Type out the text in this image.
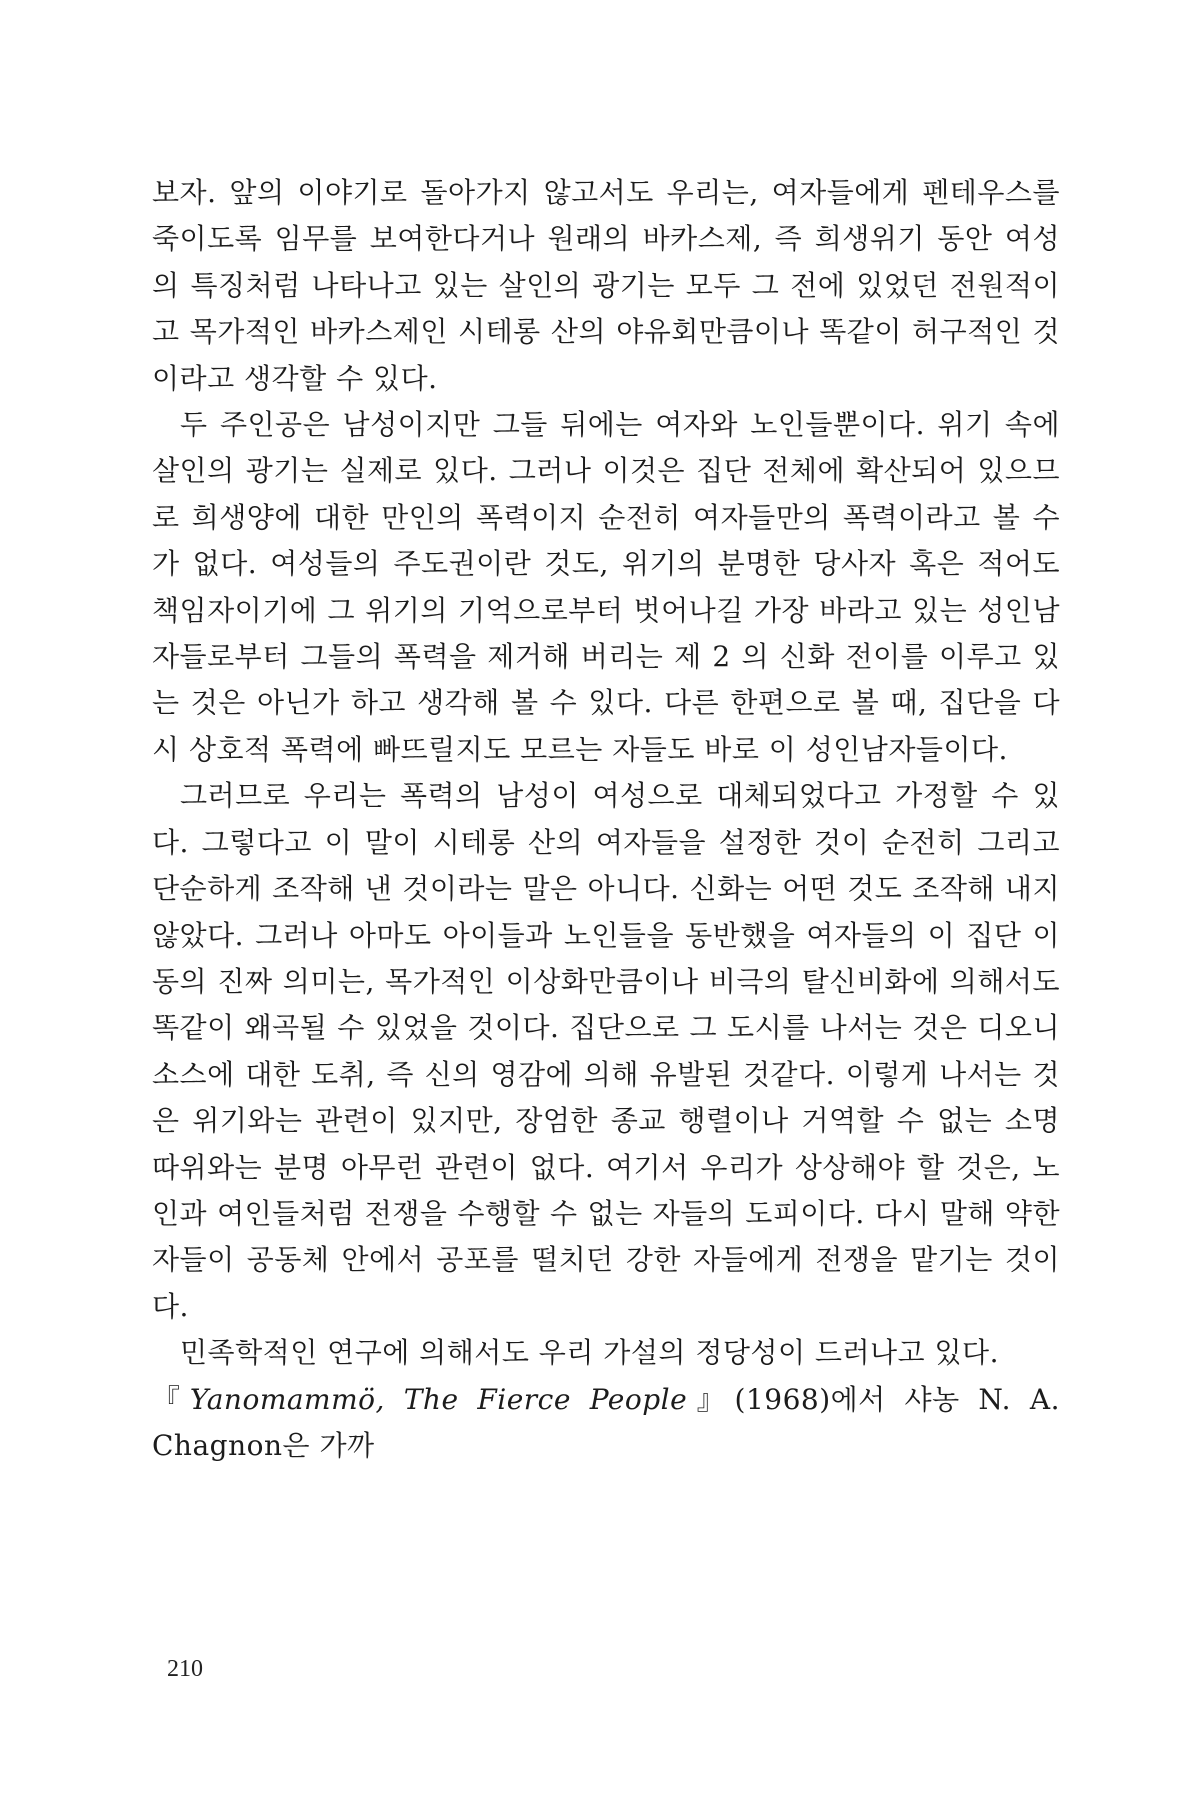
보자. 앞의 이야기로 돌아가지 않고서도 우리는, 여자들에게 펜테우스를 죽이도록 임무를 보여한다거나 원래의 바카스제, 즉 희생위기 동안 여성의 특징처럼 나타나고 있는 살인의 광기는 모두 그 전에 있었던 전원적이고 목가적인 바카스제인 시테롱 산의 야유회만큼이나 똑같이 허구적인 것이라고 생각할 수 있다.

두 주인공은 남성이지만 그들 뒤에는 여자와 노인들뿐이다. 위기 속에 살인의 광기는 실제로 있다. 그러나 이것은 집단 전체에 확산되어 있으므로 희생양에 대한 만인의 폭력이지 순전히 여자들만의 폭력이라고 볼 수가 없다. 여성들의 주도권이란 것도, 위기의 분명한 당사자 혹은 적어도 책임자이기에 그 위기의 기억으로부터 벗어나길 가장 바라고 있는 성인남자들로부터 그들의 폭력을 제거해 버리는 제 2 의 신화 전이를 이루고 있는 것은 아닌가 하고 생각해 볼 수 있다. 다른 한편으로 볼 때, 집단을 다시 상호적 폭력에 빠뜨릴지도 모르는 자들도 바로 이 성인남자들이다.

그러므로 우리는 폭력의 남성이 여성으로 대체되었다고 가정할 수 있다. 그렇다고 이 말이 시테롱 산의 여자들을 설정한 것이 순전히 그리고 단순하게 조작해 낸 것이라는 말은 아니다. 신화는 어떤 것도 조작해 내지 않았다. 그러나 아마도 아이들과 노인들을 동반했을 여자들의 이 집단 이동의 진짜 의미는, 목가적인 이상화만큼이나 비극의 탈신비화에 의해서도 똑같이 왜곡될 수 있었을 것이다. 집단으로 그 도시를 나서는 것은 디오니소스에 대한 도취, 즉 신의 영감에 의해 유발된 것같다. 이렇게 나서는 것은 위기와는 관련이 있지만, 장엄한 종교 행렬이나 거역할 수 없는 소명 따위와는 분명 아무런 관련이 없다. 여기서 우리가 상상해야 할 것은, 노인과 여인들처럼 전쟁을 수행할 수 없는 자들의 도피이다. 다시 말해 약한 자들이 공동체 안에서 공포를 떨치던 강한 자들에게 전쟁을 맡기는 것이다.

민족학적인 연구에 의해서도 우리 가설의 정당성이 드러나고 있다.
『Yanomammö, The Fierce People』(1968)에서 샤농 N. A. Chagnon은 가까

210
